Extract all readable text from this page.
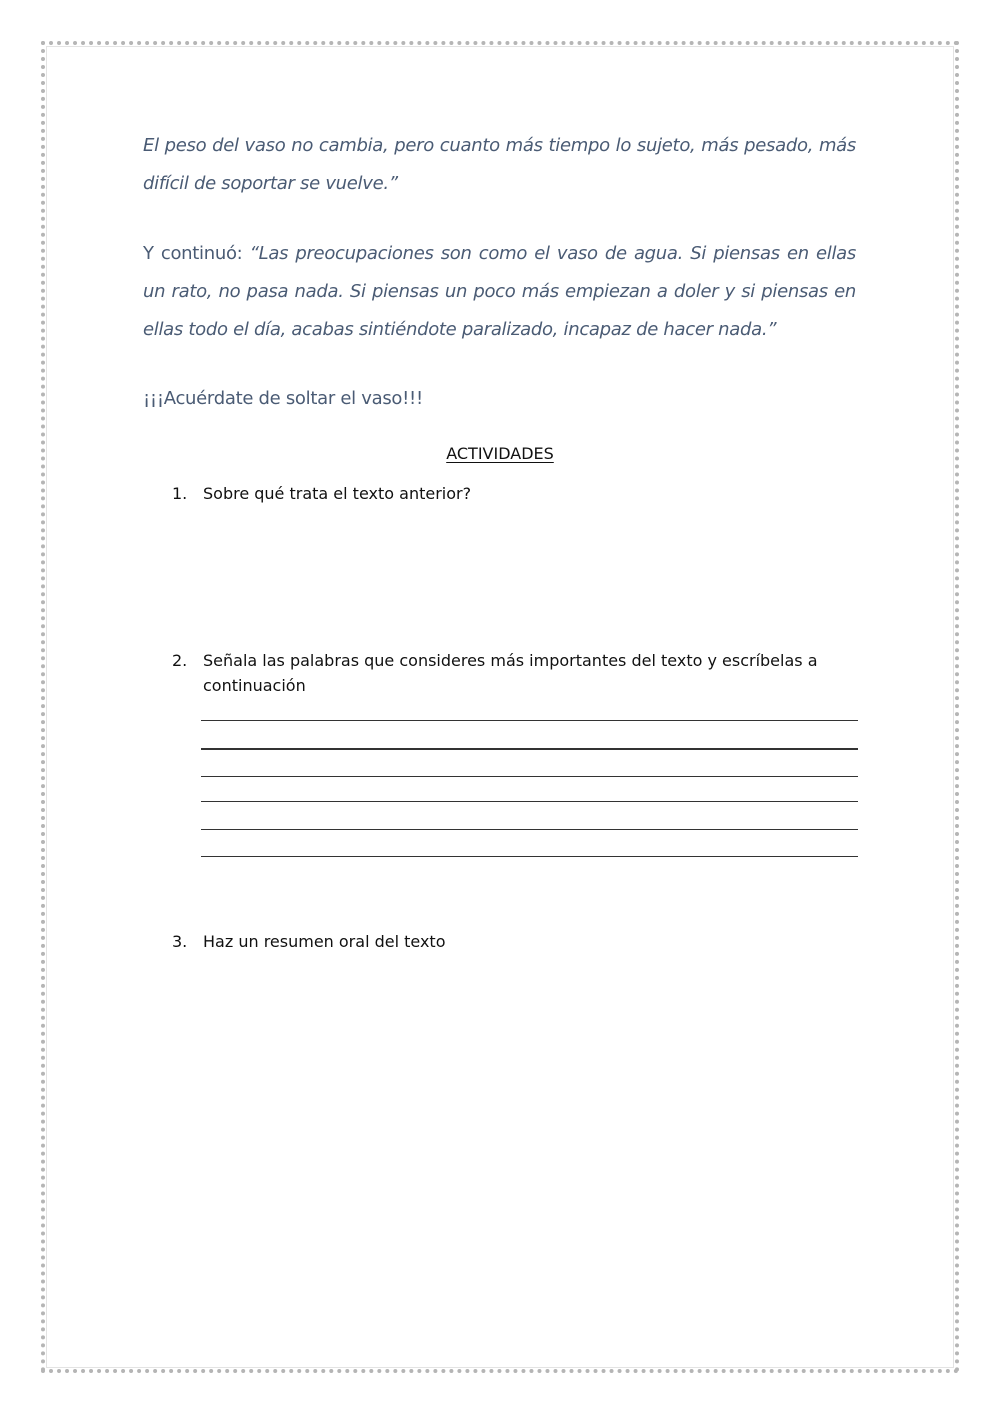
El peso del vaso no cambia, pero cuanto más tiempo lo sujeto, más pesado, más difícil de soportar se vuelve.”

Y continuó: “Las preocupaciones son como el vaso de agua. Si piensas en ellas un rato, no pasa nada. Si piensas un poco más empiezan a doler y si piensas en ellas todo el día, acabas sintiéndote paralizado, incapaz de hacer nada.”

¡¡¡Acuérdate de soltar el vaso!!!

ACTIVIDADES
1. Sobre qué trata el texto anterior?
2. Señala las palabras que consideres más importantes del texto y escríbelas a continuación
3. Haz un resumen oral del texto
